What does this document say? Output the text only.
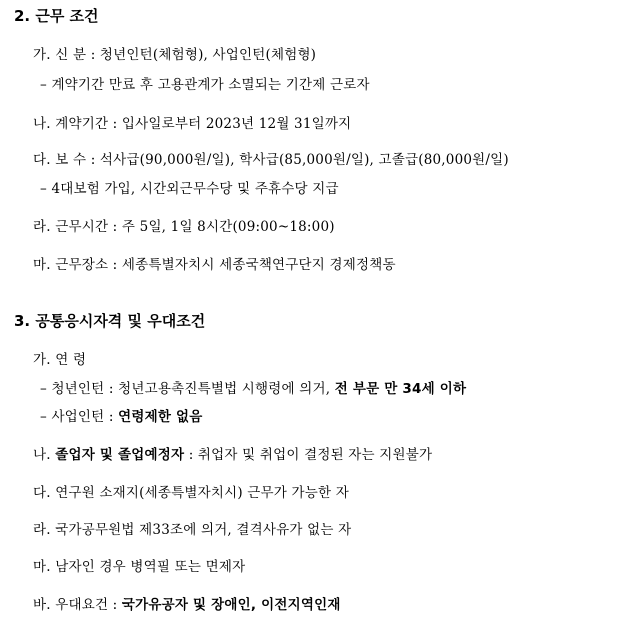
2. 근무 조건
가. 신 분 : 청년인턴(체험형), 사업인턴(체험형)
– 계약기간 만료 후 고용관계가 소멸되는 기간제 근로자
나. 계약기간 : 입사일로부터 2023년 12월 31일까지
다. 보 수 : 석사급(90,000원/일), 학사급(85,000원/일), 고졸급(80,000원/일)
– 4대보험 가입, 시간외근무수당 및 주휴수당 지급
라. 근무시간 : 주 5일, 1일 8시간(09:00~18:00)
마. 근무장소 : 세종특별자치시 세종국책연구단지 경제정책동
3. 공통응시자격 및 우대조건
가. 연 령
– 청년인턴 : 청년고용촉진특별법 시행령에 의거, 전 부문 만 34세 이하
– 사업인턴 : 연령제한 없음
나. 졸업자 및 졸업예정자 : 취업자 및 취업이 결정된 자는 지원불가
다. 연구원 소재지(세종특별자치시) 근무가 가능한 자
라. 국가공무원법 제33조에 의거, 결격사유가 없는 자
마. 남자인 경우 병역필 또는 면제자
바. 우대요건 : 국가유공자 및 장애인, 이전지역인재
